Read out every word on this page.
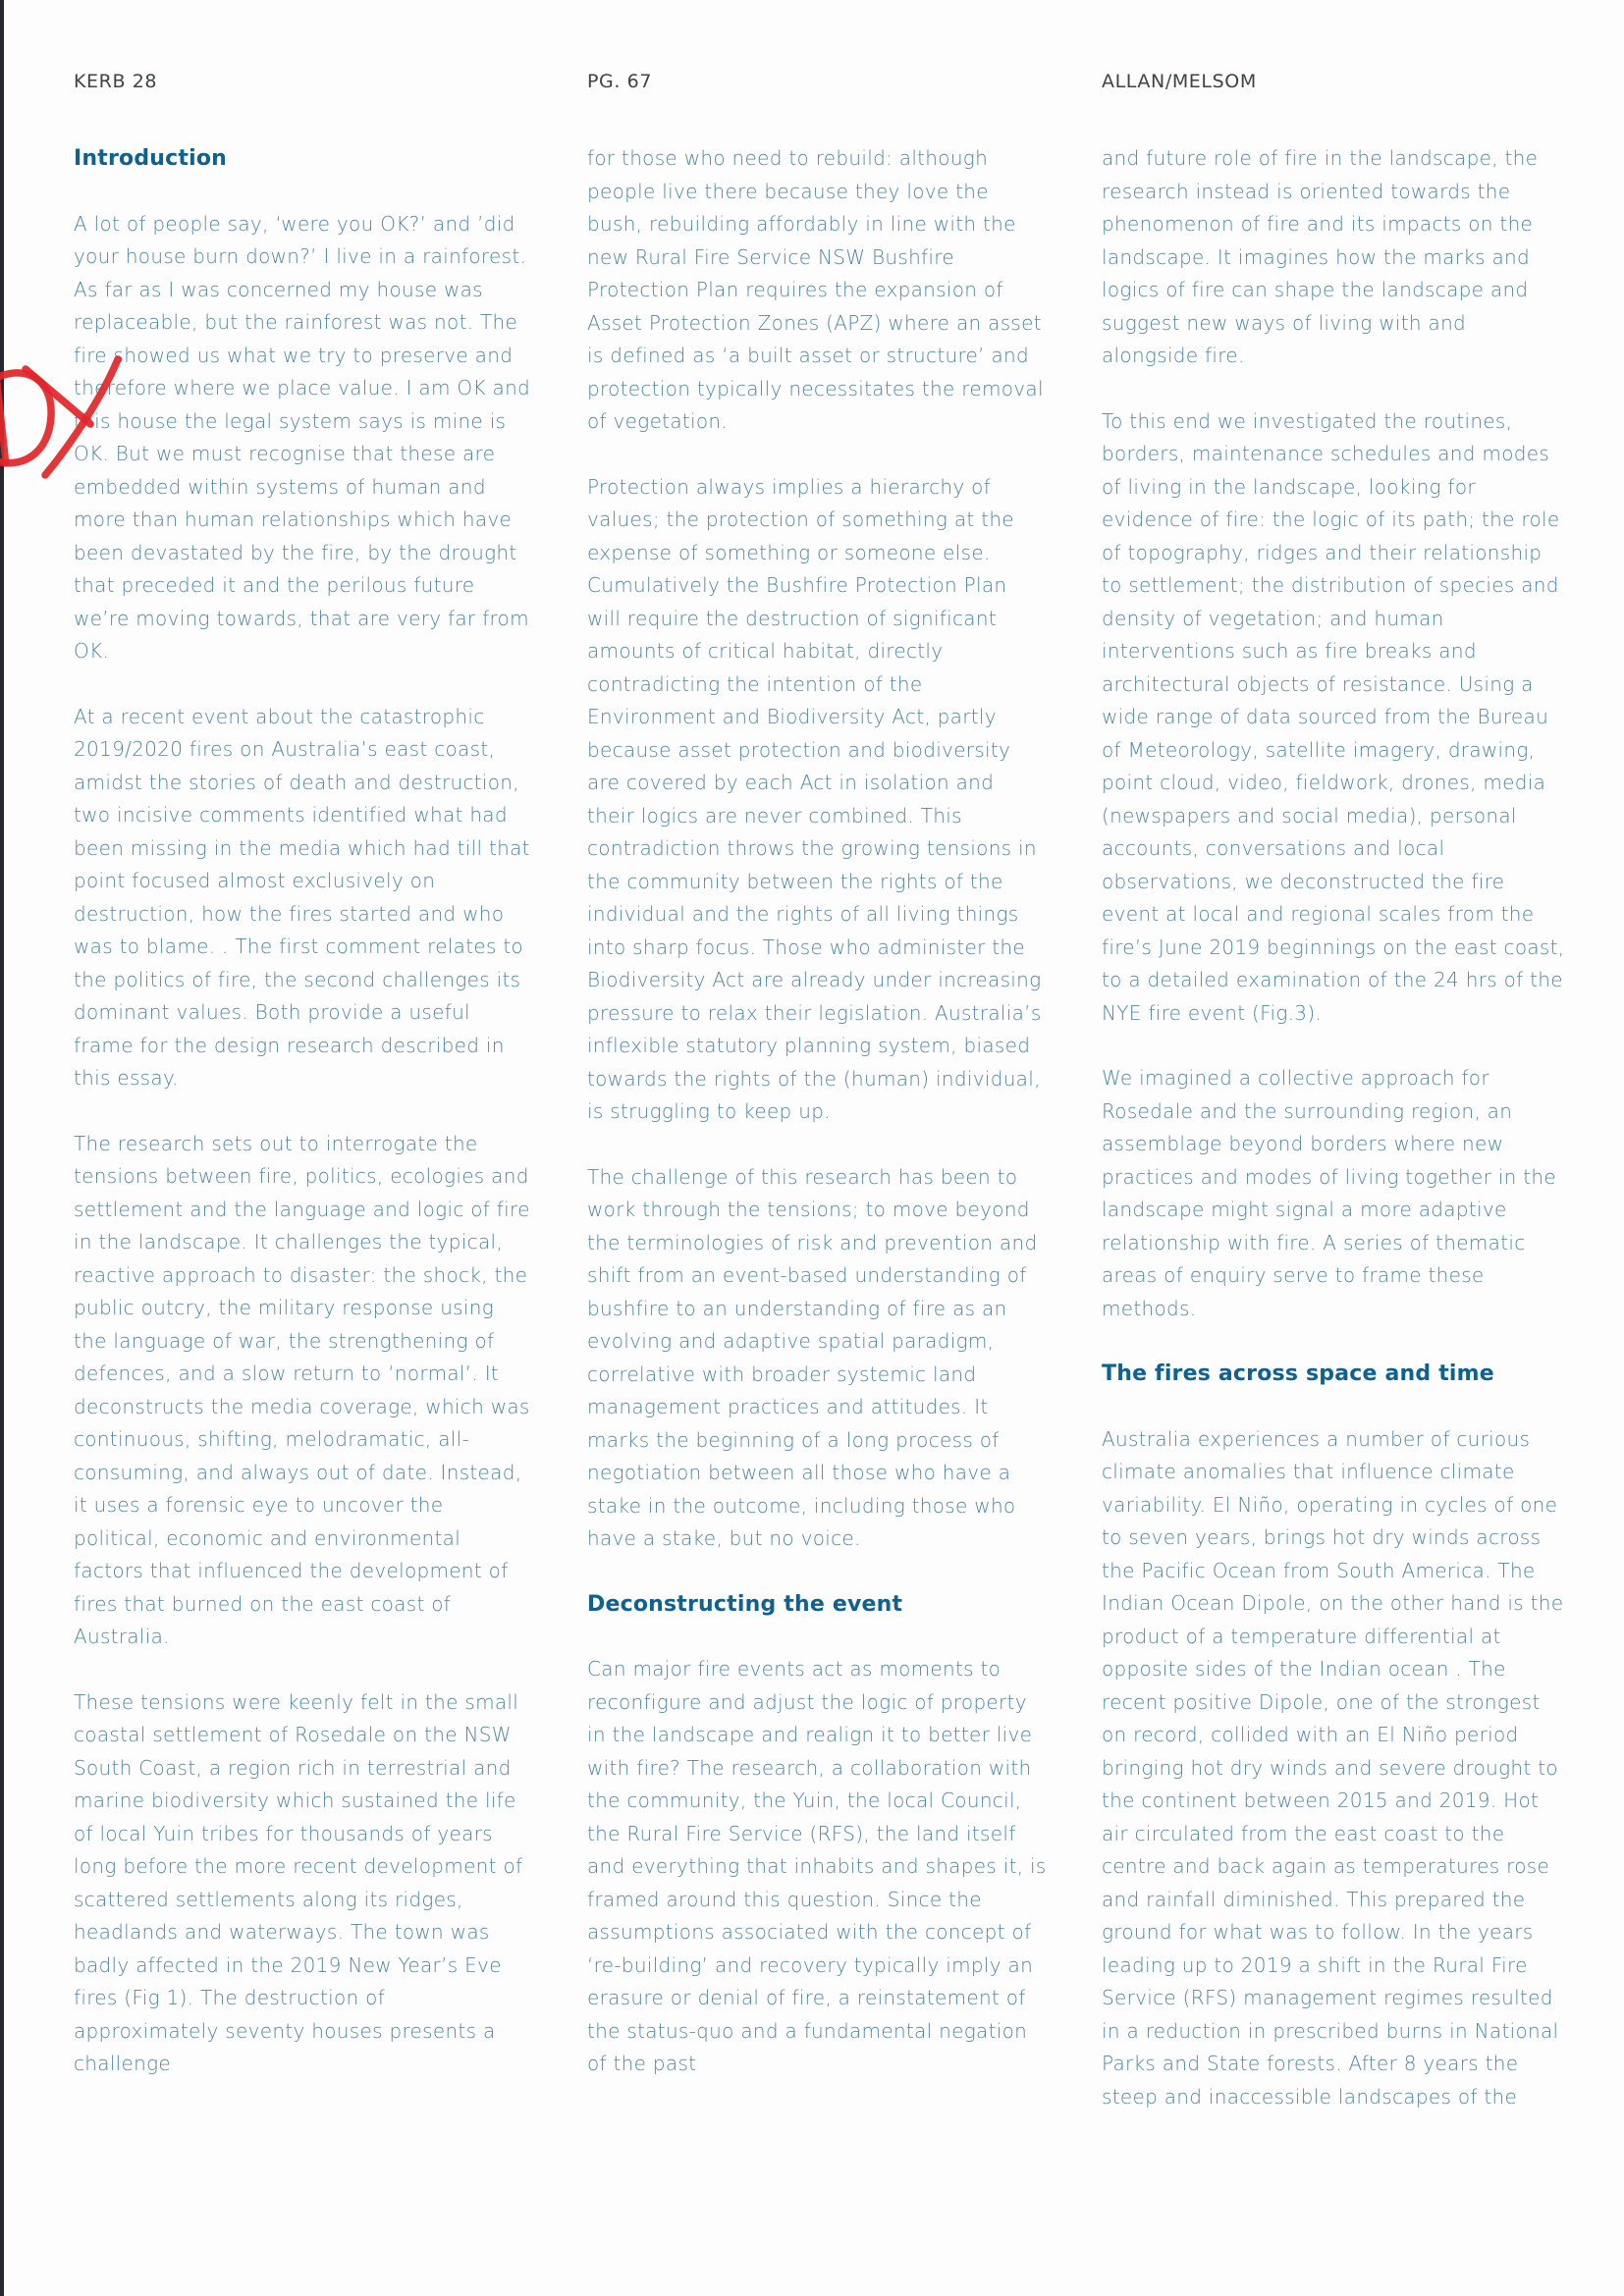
KERB 28	PG. 67	ALLAN/MELSOM
Introduction

A lot of people say, ‘were you OK?’ and ’did your house burn down?’ I live in a rainforest. As far as I was concerned my house was replaceable, but the rainforest was not. The fire showed us what we try to preserve and therefore where we place value. I am OK and this house the legal system says is mine is OK. But we must recognise that these are embedded within systems of human and more than human relationships which have been devastated by the fire, by the drought that preceded it and the perilous future we’re moving towards, that are very far from OK.

At a recent event about the catastrophic 2019/2020 fires on Australia’s east coast, amidst the stories of death and destruction, two incisive comments identified what had been missing in the media which had till that point focused almost exclusively on destruction, how the fires started and who was to blame. . The first comment relates to the politics of fire, the second challenges its dominant values. Both provide a useful frame for the design research described in this essay.

The research sets out to interrogate the tensions between fire, politics, ecologies and settlement and the language and logic of fire in the landscape. It challenges the typical, reactive approach to disaster: the shock, the public outcry, the military response using the language of war, the strengthening of defences, and a slow return to ‘normal’. It deconstructs the media coverage, which was continuous, shifting, melodramatic, all-consuming, and always out of date. Instead, it uses a forensic eye to uncover the political, economic and environmental factors that influenced the development of fires that burned on the east coast of Australia.

These tensions were keenly felt in the small coastal settlement of Rosedale on the NSW South Coast, a region rich in terrestrial and marine biodiversity which sustained the life of local Yuin tribes for thousands of years long before the more recent development of scattered settlements along its ridges, headlands and waterways. The town was badly affected in the 2019 New Year’s Eve fires (Fig 1). The destruction of approximately seventy houses presents a challenge

for those who need to rebuild: although people live there because they love the bush, rebuilding affordably in line with the new Rural Fire Service NSW Bushfire Protection Plan requires the expansion of Asset Protection Zones (APZ) where an asset is defined as ‘a built asset or structure’ and protection typically necessitates the removal of vegetation.

Protection always implies a hierarchy of values; the protection of something at the expense of something or someone else. Cumulatively the Bushfire Protection Plan will require the destruction of significant amounts of critical habitat, directly contradicting the intention of the Environment and Biodiversity Act, partly because asset protection and biodiversity are covered by each Act in isolation and their logics are never combined. This contradiction throws the growing tensions in the community between the rights of the individual and the rights of all living things into sharp focus. Those who administer the Biodiversity Act are already under increasing pressure to relax their legislation. Australia’s inflexible statutory planning system, biased towards the rights of the (human) individual, is struggling to keep up.

The challenge of this research has been to work through the tensions; to move beyond the terminologies of risk and prevention and shift from an event-based understanding of bushfire to an understanding of fire as an evolving and adaptive spatial paradigm, correlative with broader systemic land management practices and attitudes. It marks the beginning of a long process of negotiation between all those who have a stake in the outcome, including those who have a stake, but no voice.

Deconstructing the event

Can major fire events act as moments to reconfigure and adjust the logic of property in the landscape and realign it to better live with fire? The research, a collaboration with the community, the Yuin, the local Council, the Rural Fire Service (RFS), the land itself and everything that inhabits and shapes it, is framed around this question. Since the assumptions associated with the concept of ‘re-building’ and recovery typically imply an erasure or denial of fire, a reinstatement of the status-quo and a fundamental negation of the past

and future role of fire in the landscape, the research instead is oriented towards the phenomenon of fire and its impacts on the landscape. It imagines how the marks and logics of fire can shape the landscape and suggest new ways of living with and alongside fire.

To this end we investigated the routines, borders, maintenance schedules and modes of living in the landscape, looking for evidence of fire: the logic of its path; the role of topography, ridges and their relationship to settlement; the distribution of species and density of vegetation; and human interventions such as fire breaks and architectural objects of resistance. Using a wide range of data sourced from the Bureau of Meteorology, satellite imagery, drawing, point cloud, video, fieldwork, drones, media (newspapers and social media), personal accounts, conversations and local observations, we deconstructed the fire event at local and regional scales from the fire’s June 2019 beginnings on the east coast, to a detailed examination of the 24 hrs of the NYE fire event (Fig.3).

We imagined a collective approach for Rosedale and the surrounding region, an assemblage beyond borders where new practices and modes of living together in the landscape might signal a more adaptive relationship with fire. A series of thematic areas of enquiry serve to frame these methods.

The fires across space and time

Australia experiences a number of curious climate anomalies that influence climate variability. El Niño, operating in cycles of one to seven years, brings hot dry winds across the Pacific Ocean from South America. The Indian Ocean Dipole, on the other hand is the product of a temperature differential at opposite sides of the Indian ocean . The recent positive Dipole, one of the strongest on record, collided with an El Niño period bringing hot dry winds and severe drought to the continent between 2015 and 2019. Hot air circulated from the east coast to the centre and back again as temperatures rose and rainfall diminished. This prepared the ground for what was to follow. In the years leading up to 2019 a shift in the Rural Fire Service (RFS) management regimes resulted in a reduction in prescribed burns in National Parks and State forests. After 8 years the steep and inaccessible landscapes of the
